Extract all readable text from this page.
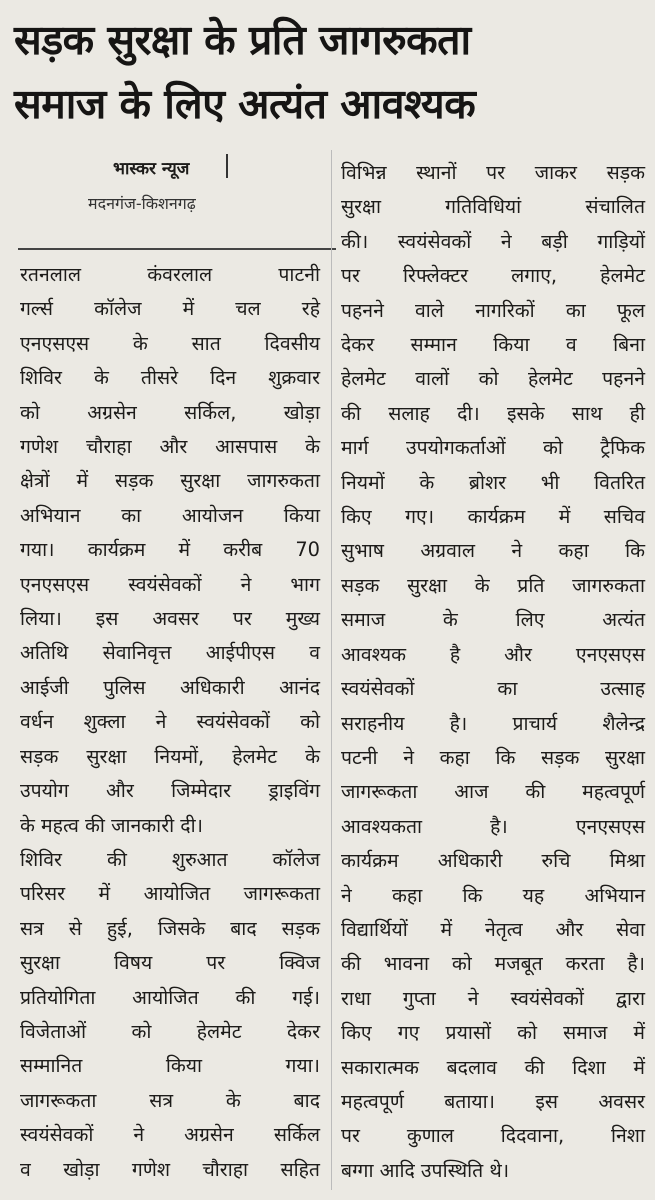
सड़क सुरक्षा के प्रति जागरुकता
समाज के लिए अत्यंत आवश्यक
भास्कर न्यूज
मदनगंज-किशनगढ़
रतनलाल कंवरलाल पाटनी
गर्ल्स कॉलेज में चल रहे
एनएसएस के सात दिवसीय
शिविर के तीसरे दिन शुक्रवार
को अग्रसेन सर्किल, खोड़ा
गणेश चौराहा और आसपास के
क्षेत्रों में सड़क सुरक्षा जागरुकता
अभियान का आयोजन किया
गया। कार्यक्रम में करीब 70
एनएसएस स्वयंसेवकों ने भाग
लिया। इस अवसर पर मुख्य
अतिथि सेवानिवृत्त आईपीएस व
आईजी पुलिस अधिकारी आनंद
वर्धन शुक्ला ने स्वयंसेवकों को
सड़क सुरक्षा नियमों, हेलमेट के
उपयोग और जिम्मेदार ड्राइविंग
के महत्व की जानकारी दी।
शिविर की शुरुआत कॉलेज
परिसर में आयोजित जागरूकता
सत्र से हुई, जिसके बाद सड़क
सुरक्षा विषय पर क्विज
प्रतियोगिता आयोजित की गई।
विजेताओं को हेलमेट देकर
सम्मानित किया गया।
जागरूकता सत्र के बाद
स्वयंसेवकों ने अग्रसेन सर्किल
व खोड़ा गणेश चौराहा सहित
विभिन्न स्थानों पर जाकर सड़क
सुरक्षा गतिविधियां संचालित
की। स्वयंसेवकों ने बड़ी गाड़ियों
पर रिफ्लेक्टर लगाए, हेलमेट
पहनने वाले नागरिकों का फूल
देकर सम्मान किया व बिना
हेलमेट वालों को हेलमेट पहनने
की सलाह दी। इसके साथ ही
मार्ग उपयोगकर्ताओं को ट्रैफिक
नियमों के ब्रोशर भी वितरित
किए गए। कार्यक्रम में सचिव
सुभाष अग्रवाल ने कहा कि
सड़क सुरक्षा के प्रति जागरुकता
समाज के लिए अत्यंत
आवश्यक है और एनएसएस
स्वयंसेवकों का उत्साह
सराहनीय है। प्राचार्य शैलेन्द्र
पटनी ने कहा कि सड़क सुरक्षा
जागरूकता आज की महत्वपूर्ण
आवश्यकता है। एनएसएस
कार्यक्रम अधिकारी रुचि मिश्रा
ने कहा कि यह अभियान
विद्यार्थियों में नेतृत्व और सेवा
की भावना को मजबूत करता है।
राधा गुप्ता ने स्वयंसेवकों द्वारा
किए गए प्रयासों को समाज में
सकारात्मक बदलाव की दिशा में
महत्वपूर्ण बताया। इस अवसर
पर कुणाल दिदवाना, निशा
बग्गा आदि उपस्थिति थे।
